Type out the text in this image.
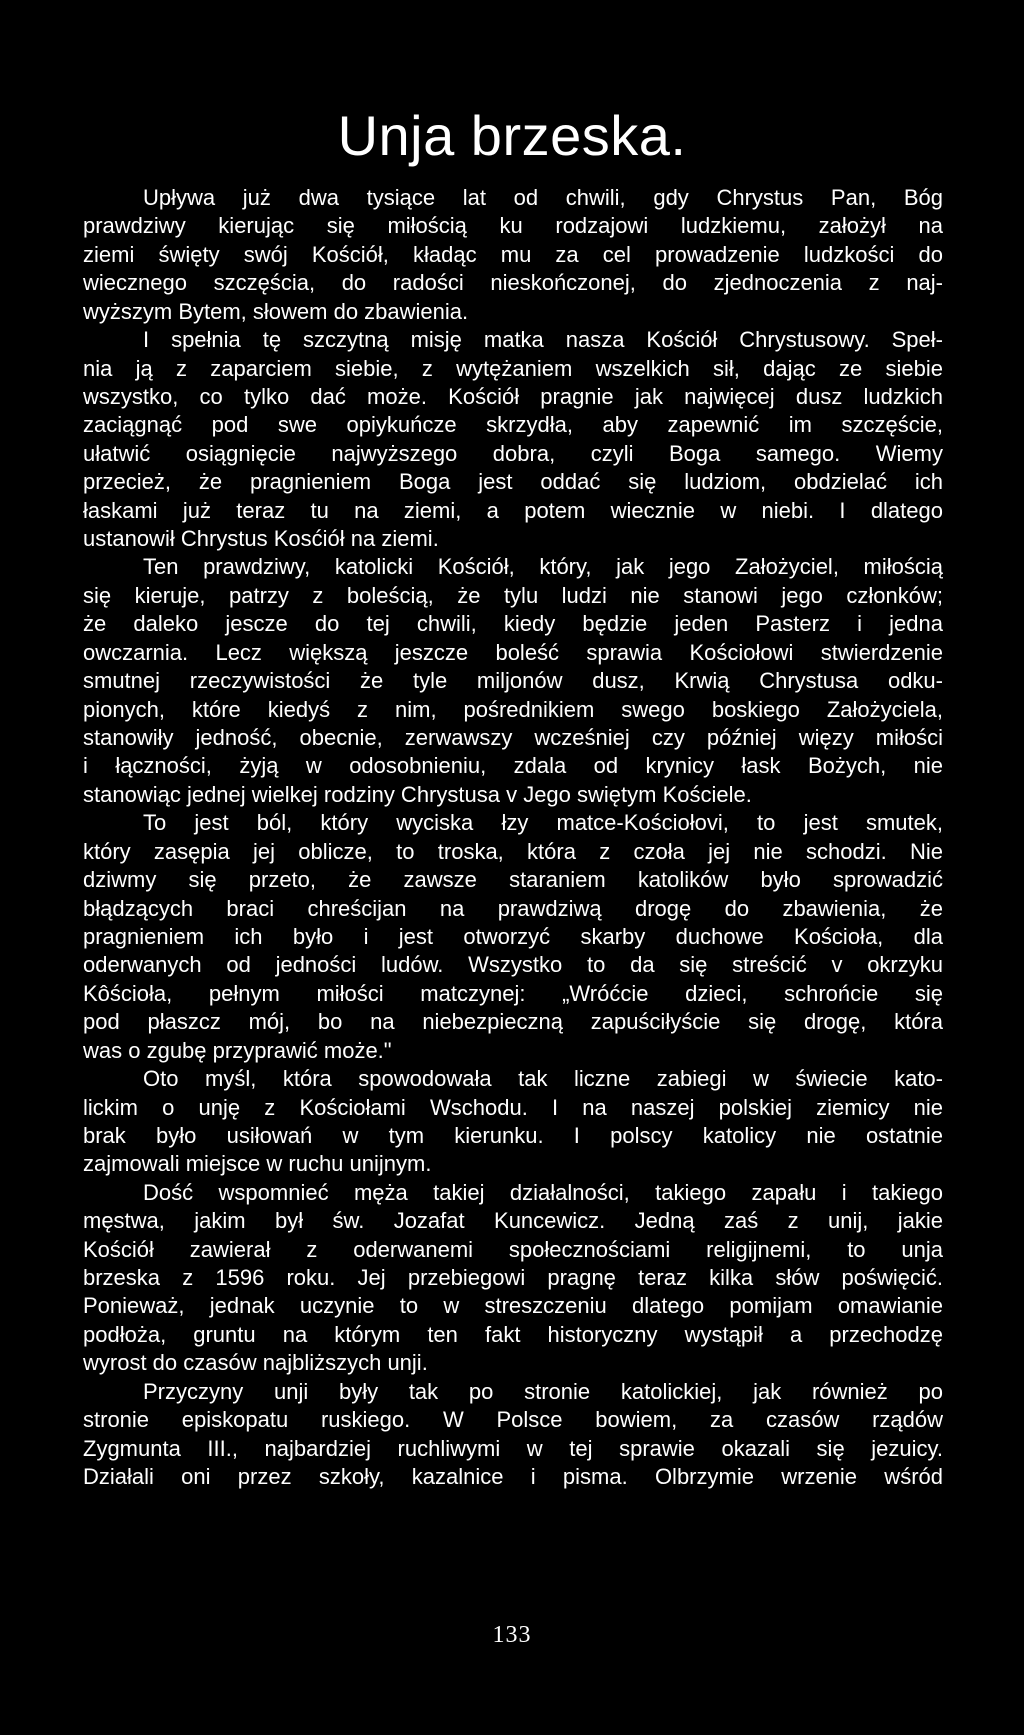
Unja brzeska.
Upływa już dwa tysiące lat od chwili, gdy Chrystus Pan, Bóg
prawdziwy kierując się miłością ku rodzajowi ludzkiemu, założył na
ziemi święty swój Kościół, kładąc mu za cel prowadzenie ludzkości do
wiecznego szczęścia, do radości nieskończonej, do zjednoczenia z naj-
wyższym Bytem, słowem do zbawienia.
I spełnia tę szczytną misję matka nasza Kościół Chrystusowy. Speł-
nia ją z zaparciem siebie, z wytężaniem wszelkich sił, dając ze siebie
wszystko, co tylko dać może. Kościół pragnie jak najwięcej dusz ludzkich
zaciągnąć pod swe opiykuńcze skrzydła, aby zapewnić im szczęście,
ułatwić osiągnięcie najwyższego dobra, czyli Boga samego. Wiemy
przecież, że pragnieniem Boga jest oddać się ludziom, obdzielać ich
łaskami już teraz tu na ziemi, a potem wiecznie w niebi. I dlatego
ustanowił Chrystus Kosćiół na ziemi.
Ten prawdziwy, katolicki Kościół, który, jak jego Założyciel, miłością
się kieruje, patrzy z boleścią, że tylu ludzi nie stanowi jego członków;
że daleko jescze do tej chwili, kiedy będzie jeden Pasterz i jedna
owczarnia. Lecz większą jeszcze boleść sprawia Kościołowi stwierdzenie
smutnej rzeczywistości że tyle miljonów dusz, Krwią Chrystusa odku-
pionych, które kiedyś z nim, pośrednikiem swego boskiego Założyciela,
stanowiły jedność, obecnie, zerwawszy wcześniej czy później więzy miłości
i łączności, żyją w odosobnieniu, zdala od krynicy łask Bożych, nie
stanowiąc jednej wielkej rodziny Chrystusa v Jego swiętym Kościele.
To jest ból, który wyciska łzy matce-Kościołovi, to jest smutek,
który zasępia jej oblicze, to troska, która z czoła jej nie schodzi. Nie
dziwmy się przeto, że zawsze staraniem katolików było sprowadzić
błądzących braci chreścijan na prawdziwą drogę do zbawienia, że
pragnieniem ich było i jest otworzyć skarby duchowe Kościoła, dla
oderwanych od jedności ludów. Wszystko to da się streścić v okrzyku
Kôścioła, pełnym miłości matczynej: „Wróćcie dzieci, schrońcie się
pod płaszcz mój, bo na niebezpieczną zapuściłyście się drogę, która
was o zgubę przyprawić może."
Oto myśl, która spowodowała tak liczne zabiegi w świecie kato-
lickim o unję z Kościołami Wschodu. I na naszej polskiej ziemicy nie
brak było usiłowań w tym kierunku. I polscy katolicy nie ostatnie
zajmowali miejsce w ruchu unijnym.
Dość wspomnieć męża takiej działalności, takiego zapału i takiego
męstwa, jakim był św. Jozafat Kuncewicz. Jedną zaś z unij, jakie
Kościół zawierał z oderwanemi społecznościami religijnemi, to unja
brzeska z 1596 roku. Jej przebiegowi pragnę teraz kilka słów poświęcić.
Ponieważ, jednak uczynie to w streszczeniu dlatego pomijam omawianie
podłoża, gruntu na którym ten fakt historyczny wystąpił a przechodzę
wyrost do czasów najbliższych unji.
Przyczyny unji były tak po stronie katolickiej, jak również po
stronie episkopatu ruskiego. W Polsce bowiem, za czasów rządów
Zygmunta III., najbardziej ruchliwymi w tej sprawie okazali się jezuicy.
Działali oni przez szkoły, kazalnice i pisma. Olbrzymie wrzenie wśród
133
